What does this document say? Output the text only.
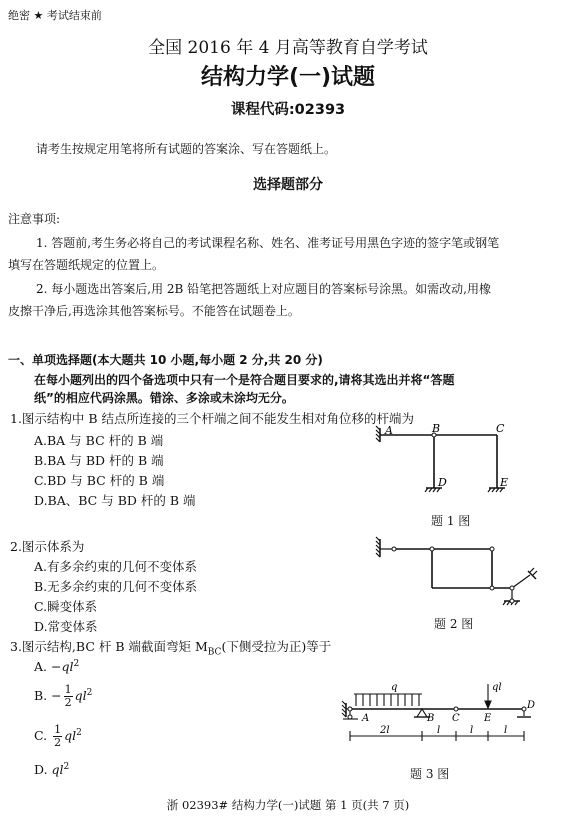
绝密 ★ 考试结束前
全国 2016 年 4 月高等教育自学考试
结构力学(一)试题
课程代码:02393
请考生按规定用笔将所有试题的答案涂、写在答题纸上。
选择题部分
注意事项:
1. 答题前,考生务必将自己的考试课程名称、姓名、准考证号用黑色字迹的签字笔或钢笔
填写在答题纸规定的位置上。
2. 每小题选出答案后,用 2B 铅笔把答题纸上对应题目的答案标号涂黑。如需改动,用橡
皮擦干净后,再选涂其他答案标号。不能答在试题卷上。
一、单项选择题(本大题共 10 小题,每小题 2 分,共 20 分)
在每小题列出的四个备选项中只有一个是符合题目要求的,请将其选出并将“答题
纸”的相应代码涂黑。错涂、多涂或未涂均无分。
1.图示结构中 B 结点所连接的三个杆端之间不能发生相对角位移的杆端为
A.BA 与 BC 杆的 B 端
B.BA 与 BD 杆的 B 端
C.BD 与 BC 杆的 B 端
D.BA、BC 与 BD 杆的 B 端
A	B	C
D	E
题 1 图
2.图示体系为
A.有多余约束的几何不变体系
B.无多余约束的几何不变体系
C.瞬变体系
D.常变体系	题 2 图
3.图示结构,BC 杆 B 端截面弯矩 $M_{BC}$(下侧受拉为正)等于
A. $-ql^2$
B. − $\frac{1}{2} ql^2$
C. $\frac{1}{2} ql^2$
D. $ql^2$
q	ql
A	B C E
D
2l	l	l	l
题 3 图
浙 02393# 结构力学(一)试题 第 1 页(共 7 页)
